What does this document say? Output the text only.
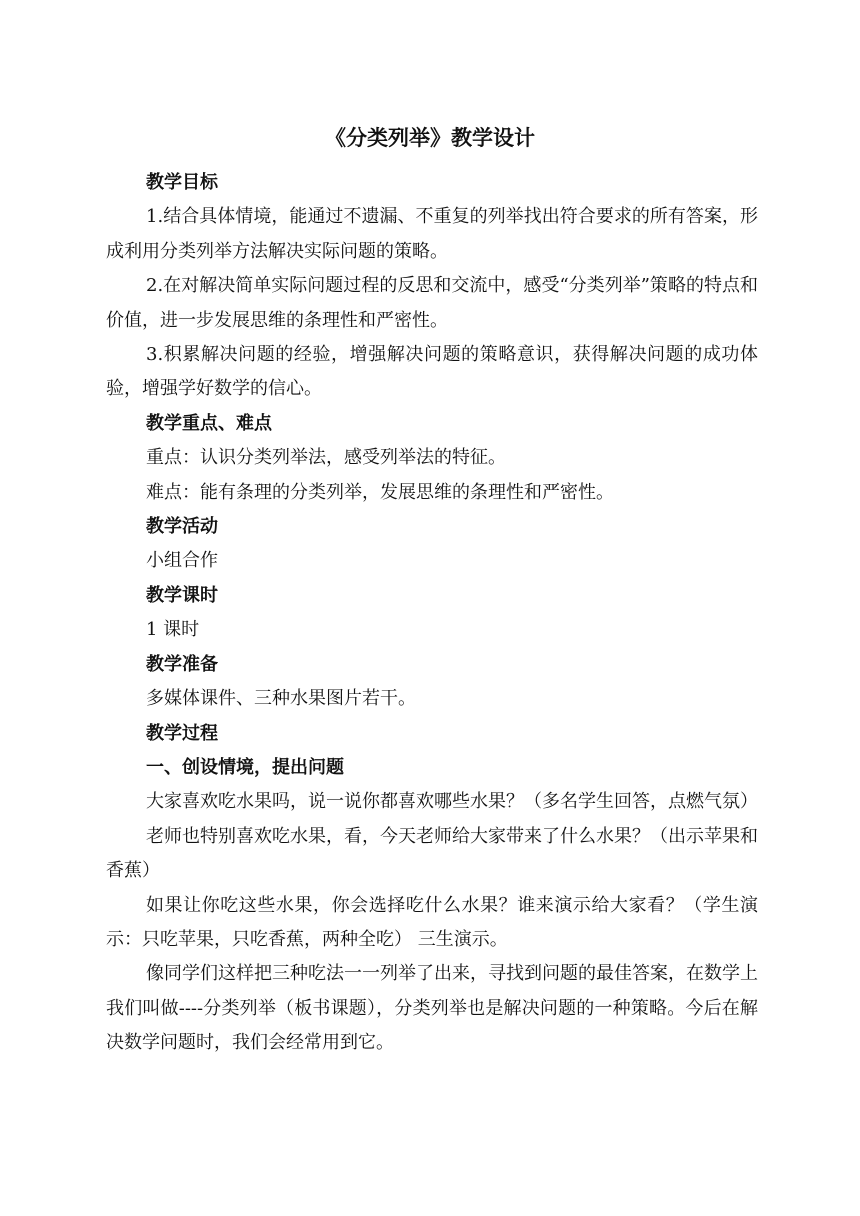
《分类列举》教学设计

教学目标

1.结合具体情境，能通过不遗漏、不重复的列举找出符合要求的所有答案，形成利用分类列举方法解决实际问题的策略。

2.在对解决简单实际问题过程的反思和交流中，感受“分类列举”策略的特点和价值，进一步发展思维的条理性和严密性。

3.积累解决问题的经验，增强解决问题的策略意识，获得解决问题的成功体验，增强学好数学的信心。

教学重点、难点

重点：认识分类列举法，感受列举法的特征。

难点：能有条理的分类列举，发展思维的条理性和严密性。

教学活动

小组合作

教学课时

1 课时

教学准备

多媒体课件、三种水果图片若干。

教学过程

一、创设情境，提出问题

大家喜欢吃水果吗，说一说你都喜欢哪些水果？（多名学生回答，点燃气氛）

老师也特别喜欢吃水果，看，今天老师给大家带来了什么水果？（出示苹果和香蕉）

如果让你吃这些水果，你会选择吃什么水果？谁来演示给大家看？（学生演示：只吃苹果，只吃香蕉，两种全吃） 三生演示。

像同学们这样把三种吃法一一列举了出来，寻找到问题的最佳答案，在数学上我们叫做----分类列举（板书课题），分类列举也是解决问题的一种策略。今后在解决数学问题时，我们会经常用到它。
